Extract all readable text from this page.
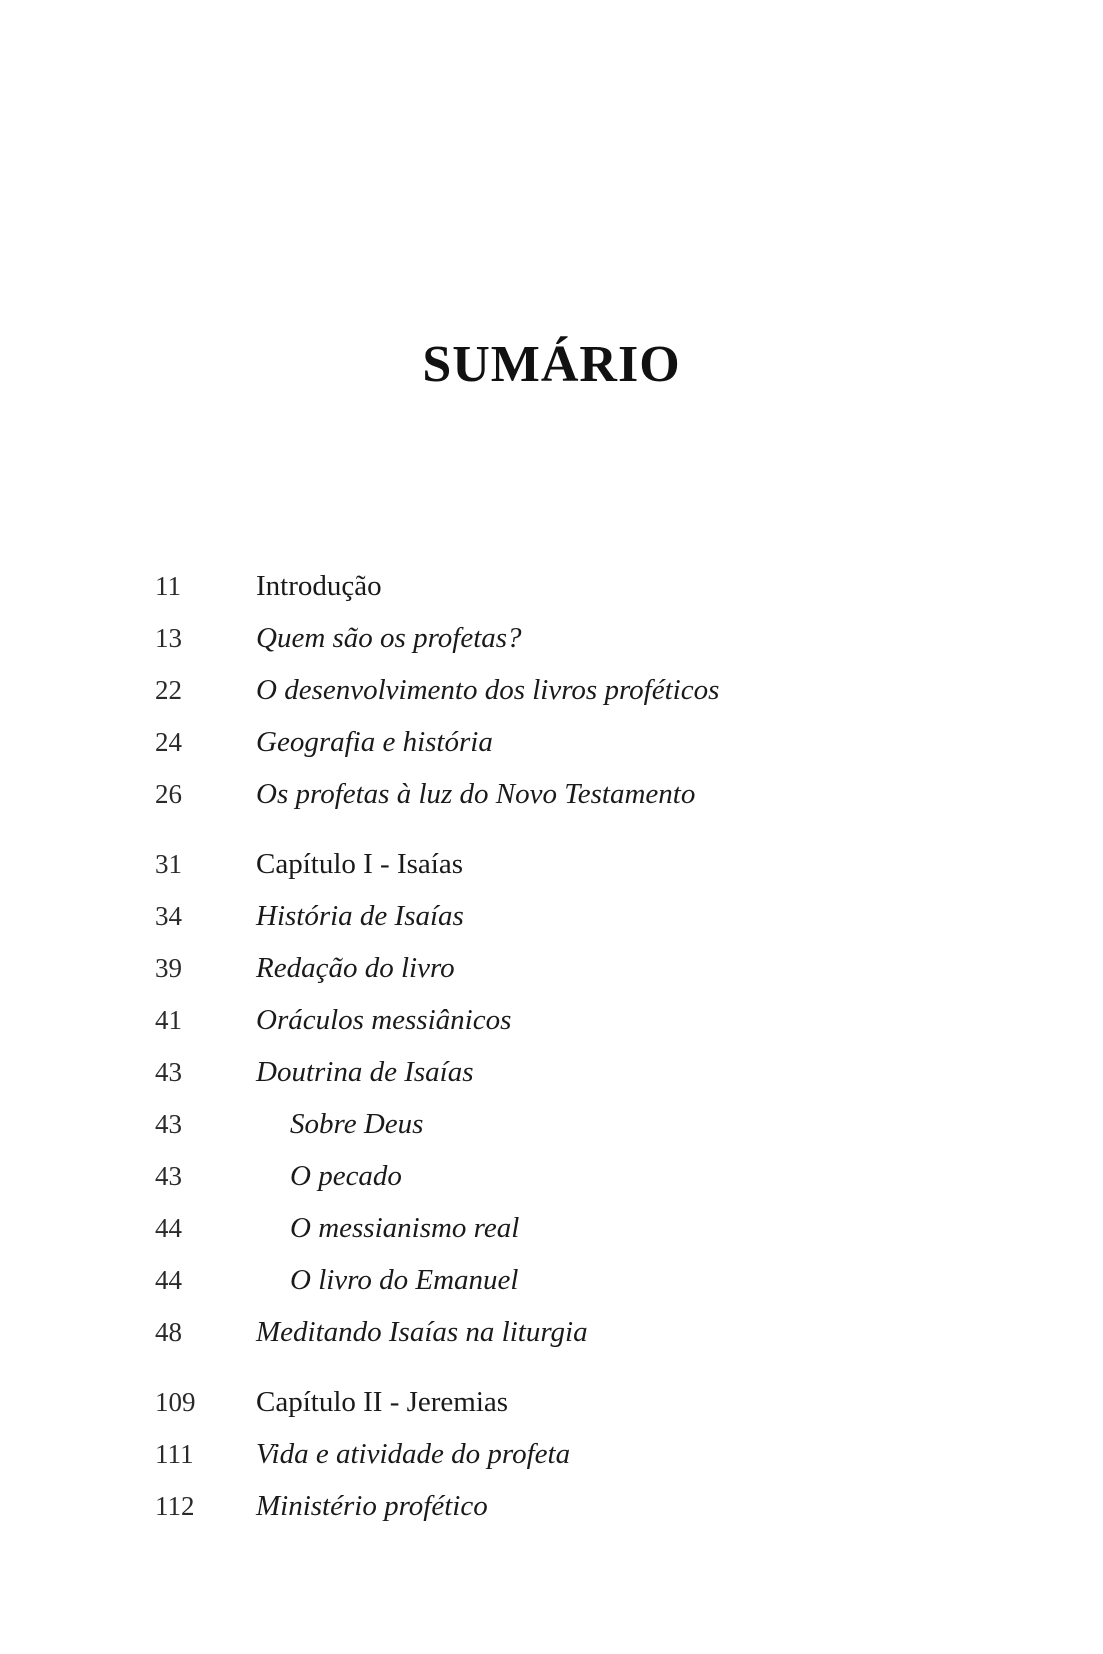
SUMÁRIO
11	Introdução
13	Quem são os profetas?
22	O desenvolvimento dos livros proféticos
24	Geografia e história
26	Os profetas à luz do Novo Testamento
31	Capítulo I - Isaías
34	História de Isaías
39	Redação do livro
41	Oráculos messiânicos
43	Doutrina de Isaías
43	Sobre Deus
43	O pecado
44	O messianismo real
44	O livro do Emanuel
48	Meditando Isaías na liturgia
109	Capítulo II - Jeremias
111	Vida e atividade do profeta
112	Ministério profético
